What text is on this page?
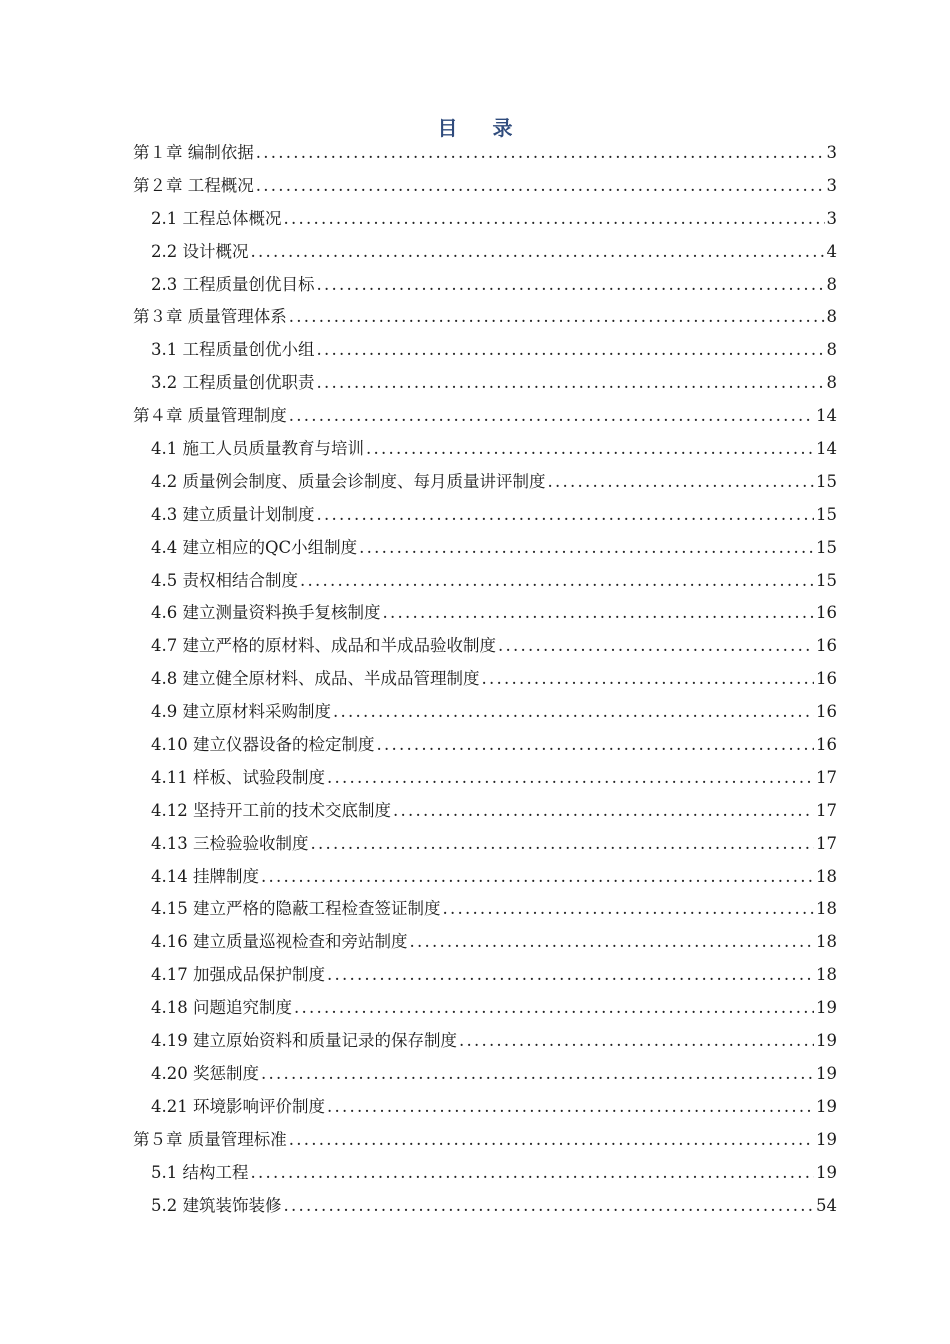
目 录
第１章 编制依据 . . .	3
第２章 工程概况 . . .	3
2.1 工程总体概况 . . .	3
2.2 设计概况 . . .	4
2.3 工程质量创优目标 . . .	8
第３章 质量管理体系 . . .	8
3.1 工程质量创优小组 . . .	8
3.2 工程质量创优职责 . . .	8
第４章 质量管理制度 . . .	14
4.1 施工人员质量教育与培训 . . .	14
4.2 质量例会制度、质量会诊制度、每月质量讲评制度 . . .	15
4.3 建立质量计划制度 . . .	15
4.4 建立相应的QC小组制度 . . .	15
4.5 责权相结合制度 . . .	15
4.6 建立测量资料换手复核制度 . . .	16
4.7 建立严格的原材料、成品和半成品验收制度 . . .	16
4.8 建立健全原材料、成品、半成品管理制度 . . .	16
4.9 建立原材料采购制度 . . .	16
4.10 建立仪器设备的检定制度 . . .	16
4.11 样板、试验段制度 . . .	17
4.12 坚持开工前的技术交底制度 . . .	17
4.13 三检验验收制度 . . .	17
4.14 挂牌制度 . . .	18
4.15 建立严格的隐蔽工程检查签证制度 . . .	18
4.16 建立质量巡视检查和旁站制度 . . .	18
4.17 加强成品保护制度 . . .	18
4.18 问题追究制度 . . .	19
4.19 建立原始资料和质量记录的保存制度 . . .	19
4.20 奖惩制度 . . .	19
4.21 环境影响评价制度 . . .	19
第５章 质量管理标准 . . .	19
5.1 结构工程 . . .	19
5.2 建筑装饰装修 . . .	54
